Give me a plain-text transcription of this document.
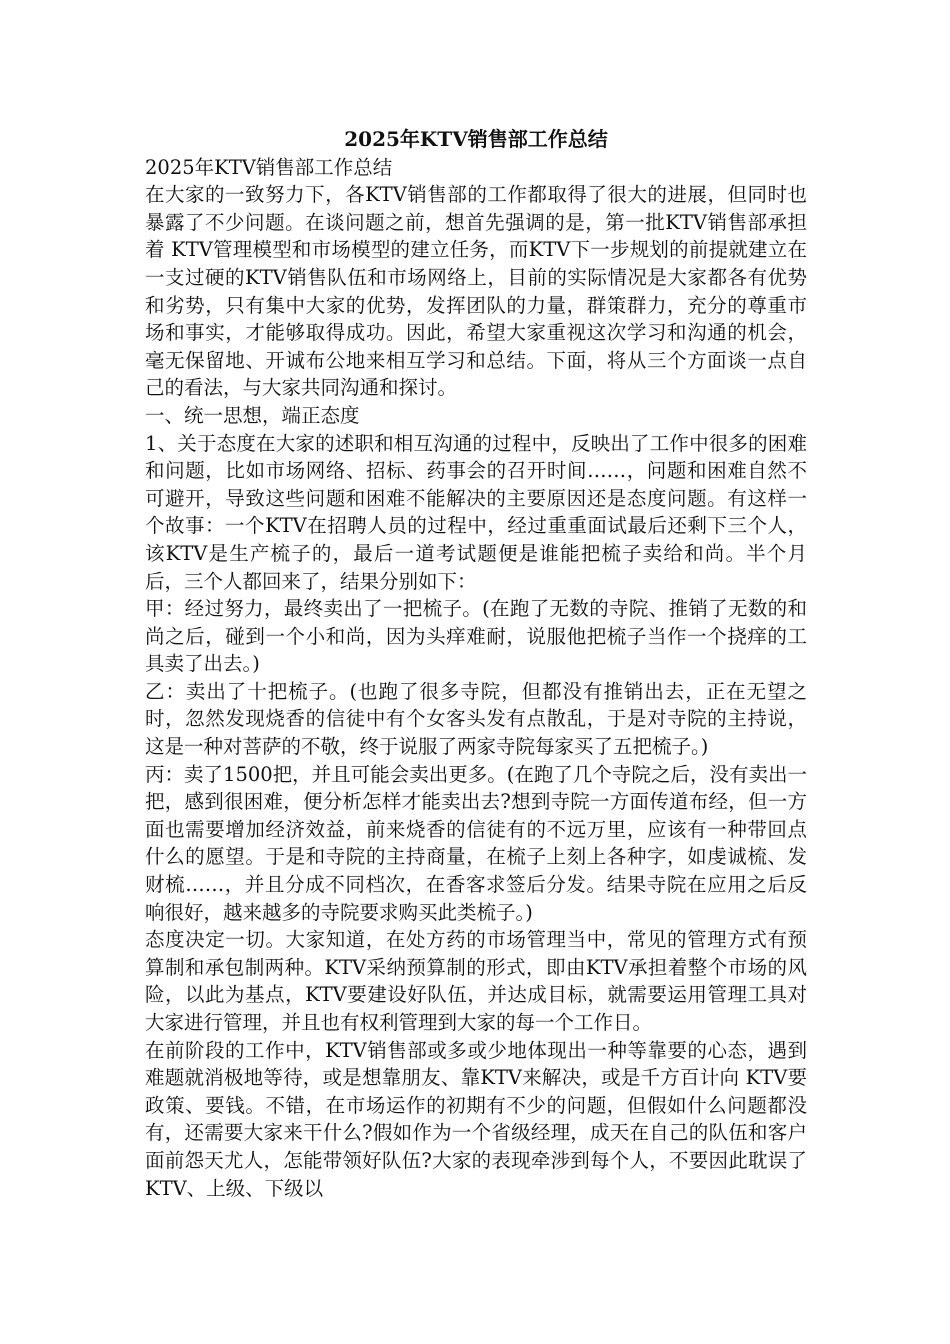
2025年KTV销售部工作总结

2025年KTV销售部工作总结

在大家的一致努力下，各KTV销售部的工作都取得了很大的进展，但同时也暴露了不少问题。在谈问题之前，想首先强调的是，第一批KTV销售部承担着 KTV管理模型和市场模型的建立任务，而KTV下一步规划的前提就建立在一支过硬的KTV销售队伍和市场网络上，目前的实际情况是大家都各有优势和劣势，只有集中大家的优势，发挥团队的力量，群策群力，充分的尊重市场和事实，才能够取得成功。因此，希望大家重视这次学习和沟通的机会，毫无保留地、开诚布公地来相互学习和总结。下面，将从三个方面谈一点自己的看法，与大家共同沟通和探讨。

一、统一思想，端正态度

1、关于态度在大家的述职和相互沟通的过程中，反映出了工作中很多的困难和问题，比如市场网络、招标、药事会的召开时间……，问题和困难自然不可避开，导致这些问题和困难不能解决的主要原因还是态度问题。有这样一个故事：一个KTV在招聘人员的过程中，经过重重面试最后还剩下三个人，该KTV是生产梳子的，最后一道考试题便是谁能把梳子卖给和尚。半个月后，三个人都回来了，结果分别如下：

甲：经过努力，最终卖出了一把梳子。(在跑了无数的寺院、推销了无数的和尚之后，碰到一个小和尚，因为头痒难耐，说服他把梳子当作一个挠痒的工具卖了出去。)

乙：卖出了十把梳子。(也跑了很多寺院，但都没有推销出去，正在无望之时，忽然发现烧香的信徒中有个女客头发有点散乱，于是对寺院的主持说，这是一种对菩萨的不敬，终于说服了两家寺院每家买了五把梳子。)

丙：卖了1500把，并且可能会卖出更多。(在跑了几个寺院之后，没有卖出一把，感到很困难，便分析怎样才能卖出去?想到寺院一方面传道布经，但一方面也需要增加经济效益，前来烧香的信徒有的不远万里，应该有一种带回点什么的愿望。于是和寺院的主持商量，在梳子上刻上各种字，如虔诚梳、发财梳……，并且分成不同档次，在香客求签后分发。结果寺院在应用之后反响很好，越来越多的寺院要求购买此类梳子。)

态度决定一切。大家知道，在处方药的市场管理当中，常见的管理方式有预算制和承包制两种。KTV采纳预算制的形式，即由KTV承担着整个市场的风险，以此为基点，KTV要建设好队伍，并达成目标，就需要运用管理工具对大家进行管理，并且也有权利管理到大家的每一个工作日。

在前阶段的工作中，KTV销售部或多或少地体现出一种等靠要的心态，遇到难题就消极地等待，或是想靠朋友、靠KTV来解决，或是千方百计向 KTV要政策、要钱。不错，在市场运作的初期有不少的问题，但假如什么问题都没有，还需要大家来干什么?假如作为一个省级经理，成天在自己的队伍和客户面前怨天尤人，怎能带领好队伍?大家的表现牵涉到每个人，不要因此耽误了KTV、上级、下级以
